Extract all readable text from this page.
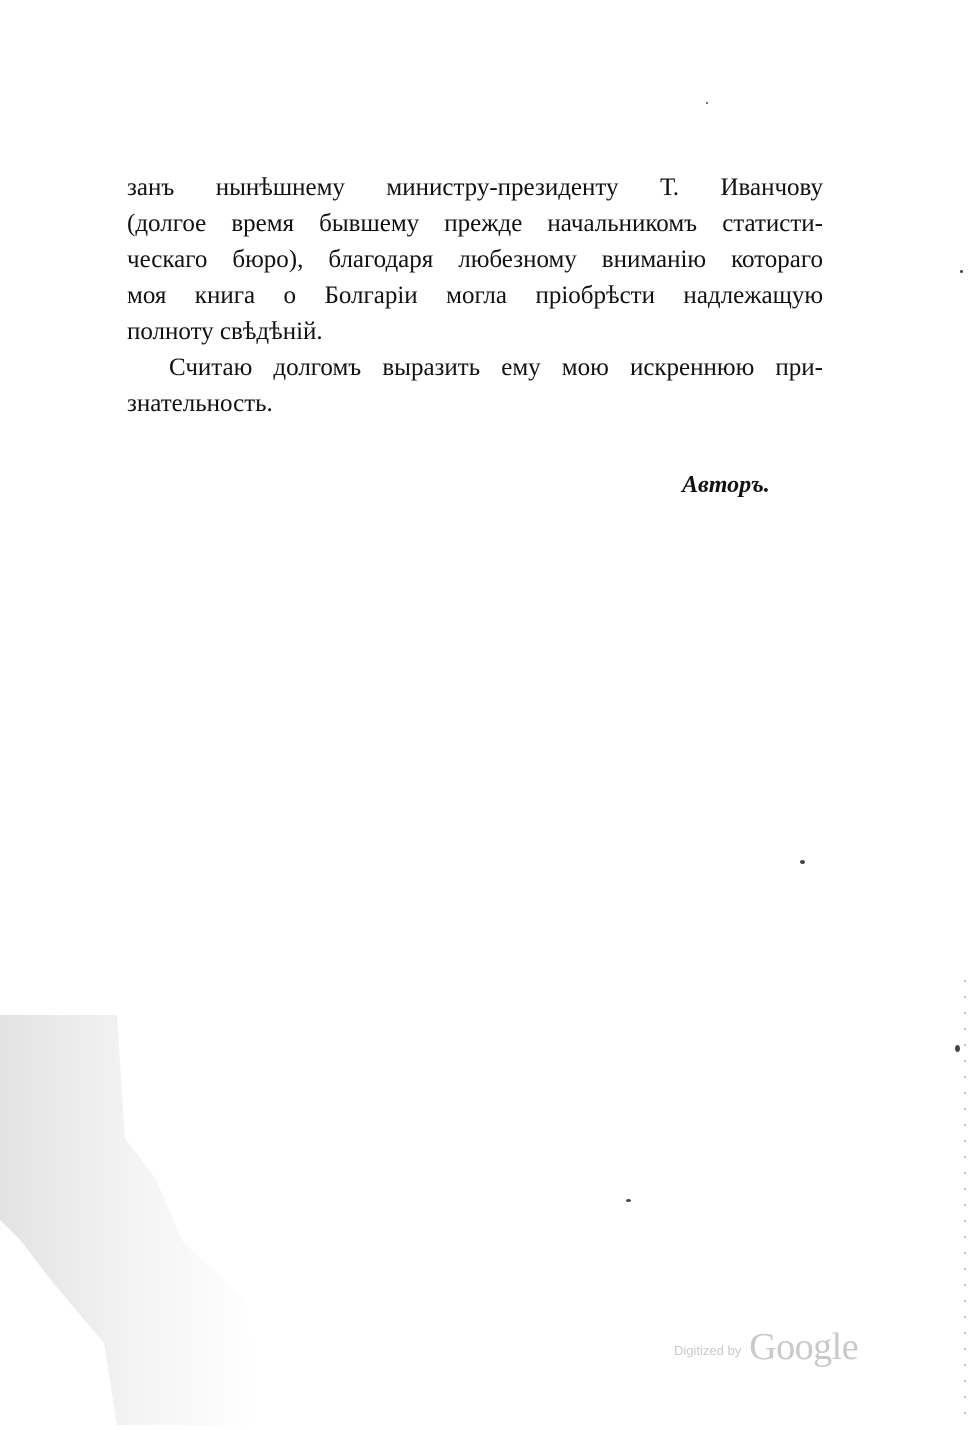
занъ нынѣшнему министру-президенту Т. Иванчову
(долгое время бывшему прежде начальникомъ статисти-
ческаго бюро), благодаря любезному вниманію котораго
моя книга о Болгаріи могла пріобрѣсти надлежащую
полноту свѣдѣній.
Считаю долгомъ выразить ему мою искреннюю при-
знательность.
Авторъ.
$^{Digitized by}$ Google
